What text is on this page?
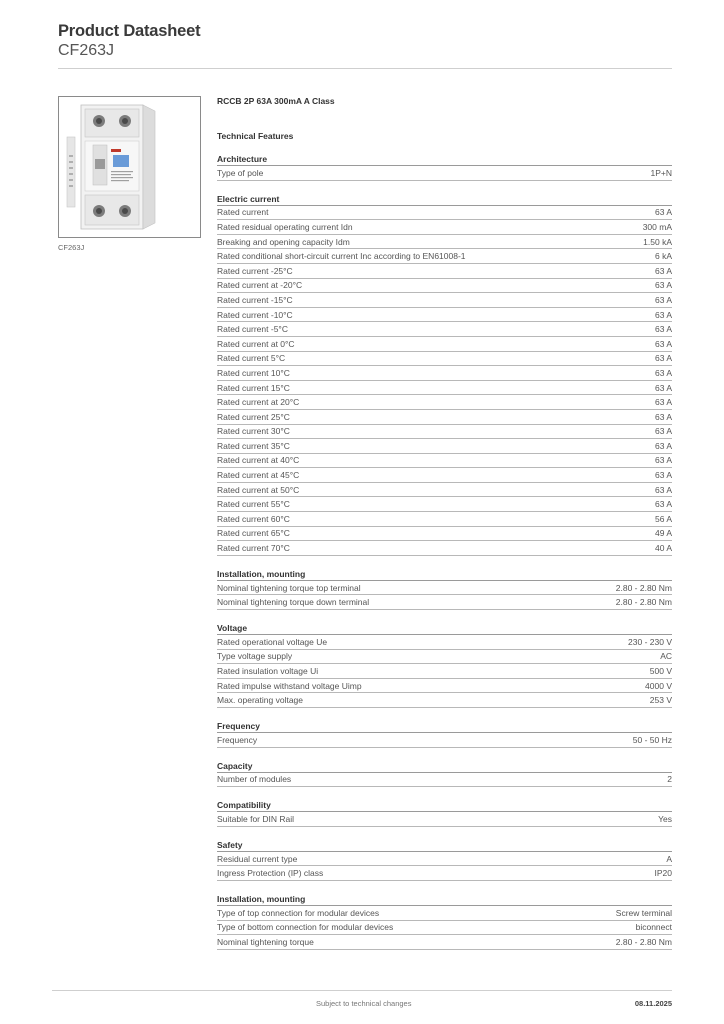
Product Datasheet
CF263J
CF263J
RCCB 2P 63A 300mA A Class
Technical Features
Architecture
Type of pole	1P+N
Electric current
Rated current	63 A
Rated residual operating current Idn	300 mA
Breaking and opening capacity Idm	1.50 kA
Rated conditional short-circuit current Inc according to EN61008-1	6 kA
Rated current -25°C	63 A
Rated current at -20°C	63 A
Rated current -15°C	63 A
Rated current -10°C	63 A
Rated current -5°C	63 A
Rated current at 0°C	63 A
Rated current 5°C	63 A
Rated current 10°C	63 A
Rated current 15°C	63 A
Rated current at 20°C	63 A
Rated current 25°C	63 A
Rated current 30°C	63 A
Rated current 35°C	63 A
Rated current at 40°C	63 A
Rated current at 45°C	63 A
Rated current at 50°C	63 A
Rated current 55°C	63 A
Rated current 60°C	56 A
Rated current 65°C	49 A
Rated current 70°C	40 A
Installation, mounting
Nominal tightening torque top terminal	2.80 - 2.80 Nm
Nominal tightening torque down terminal	2.80 - 2.80 Nm
Voltage
Rated operational voltage Ue	230 - 230 V
Type voltage supply	AC
Rated insulation voltage Ui	500 V
Rated impulse withstand voltage Uimp	4000 V
Max. operating voltage	253 V
Frequency
Frequency	50 - 50 Hz
Capacity
Number of modules	2
Compatibility
Suitable for DIN Rail	Yes
Safety
Residual current type	A
Ingress Protection (IP) class	IP20
Installation, mounting
Type of top connection for modular devices	Screw terminal
Type of bottom connection for modular devices	biconnect
Nominal tightening torque	2.80 - 2.80 Nm
Subject to technical changes	08.11.2025
